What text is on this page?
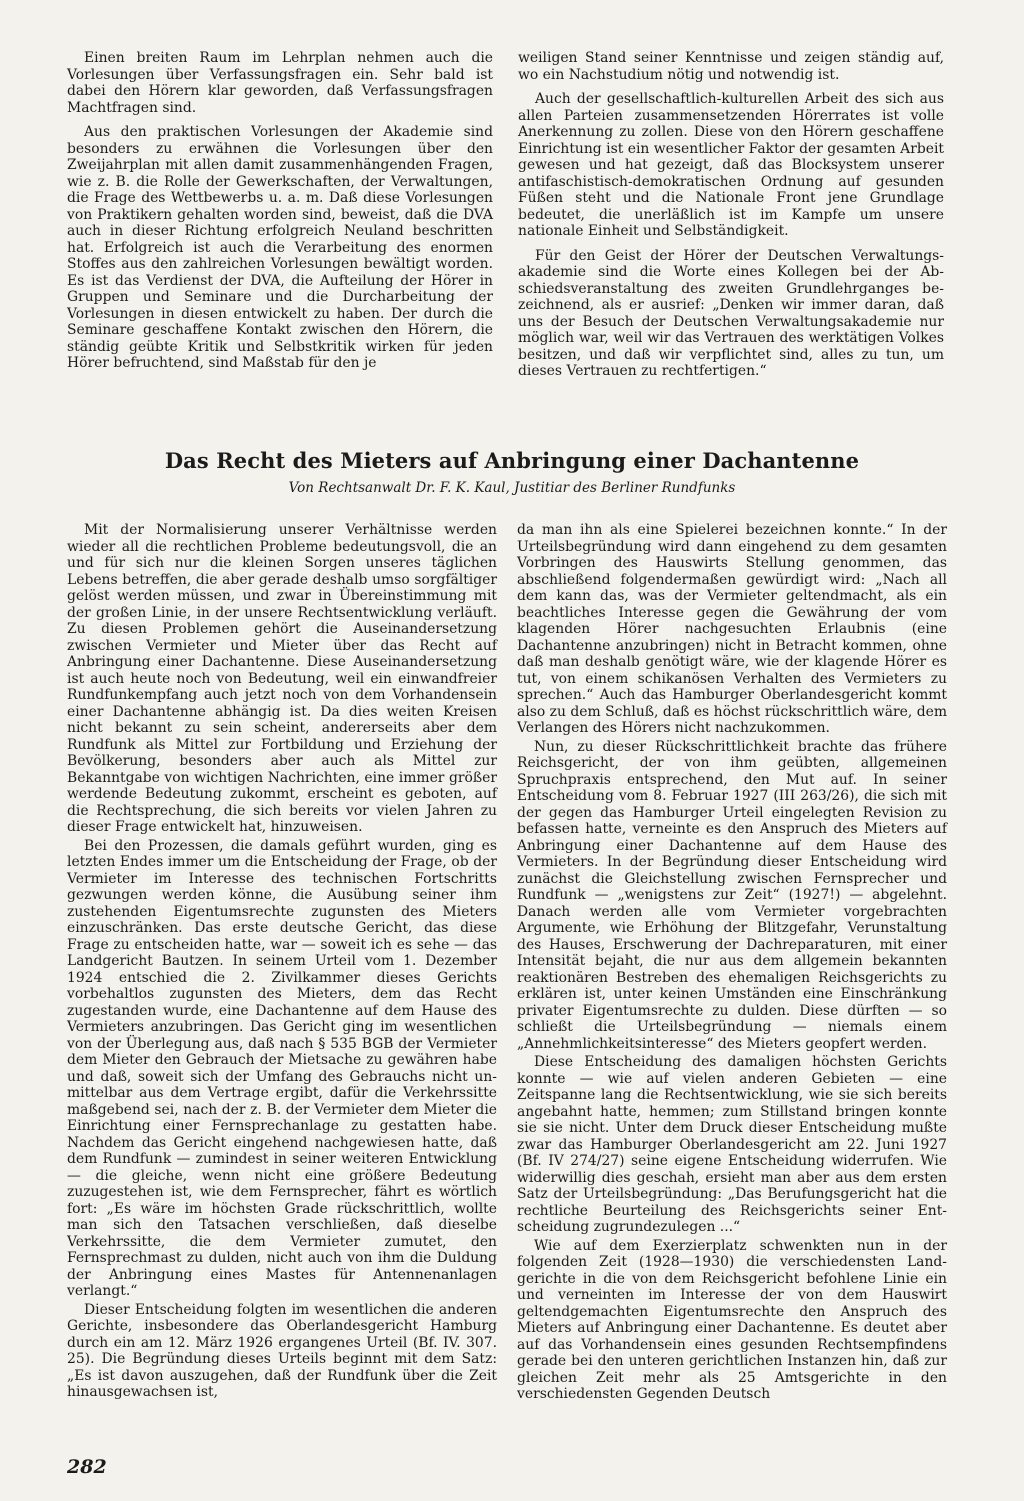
Einen breiten Raum im Lehrplan nehmen auch die Vorlesungen über Verfassungsfragen ein. Sehr bald ist dabei den Hörern klar geworden, daß Verfassungsfragen Machtfragen sind.

Aus den praktischen Vorlesungen der Akademie sind besonders zu erwähnen die Vorlesungen über den Zweijahrplan mit allen damit zusammenhängenden Fragen, wie z. B. die Rolle der Gewerkschaften, der Verwaltungen, die Frage des Wettbewerbs u. a. m. Daß diese Vorlesungen von Praktikern gehalten worden sind, beweist, daß die DVA auch in dieser Richtung erfolgreich Neuland beschritten hat. Erfolgreich ist auch die Verarbeitung des enormen Stoffes aus den zahlreichen Vorlesungen bewältigt worden. Es ist das Verdienst der DVA, die Aufteilung der Hörer in Gruppen und Seminare und die Durcharbeitung der Vorlesungen in diesen entwickelt zu haben. Der durch die Seminare geschaffene Kontakt zwischen den Hörern, die ständig geübte Kritik und Selbstkritik wirken für jeden Hörer befruchtend, sind Maßstab für den je

weiligen Stand seiner Kenntnisse und zeigen ständig auf, wo ein Nachstudium nötig und notwendig ist.

Auch der gesellschaftlich-kulturellen Arbeit des sich aus allen Parteien zusammensetzenden Hörerrates ist volle Anerkennung zu zollen. Diese von den Hörern geschaffene Einrichtung ist ein wesentlicher Faktor der gesamten Arbeit gewesen und hat gezeigt, daß das Blocksystem unserer antifaschistisch-demokratischen Ordnung auf gesunden Füßen steht und die Nationale Front jene Grundlage bedeutet, die unerläßlich ist im Kampfe um unsere nationale Einheit und Selbständigkeit.

Für den Geist der Hörer der Deutschen Verwaltungsakademie sind die Worte eines Kollegen bei der Abschiedsveranstaltung des zweiten Grundlehrganges bezeichnend, als er ausrief: „Denken wir immer daran, daß uns der Besuch der Deutschen Verwaltungsakademie nur möglich war, weil wir das Vertrauen des werktätigen Volkes besitzen, und daß wir verpflichtet sind, alles zu tun, um dieses Vertrauen zu rechtfertigen.“

Das Recht des Mieters auf Anbringung einer Dachantenne
Von Rechtsanwalt Dr. F. K. Kaul, Justitiar des Berliner Rundfunks

Mit der Normalisierung unserer Verhältnisse werden wieder all die rechtlichen Probleme bedeutungsvoll, die an und für sich nur die kleinen Sorgen unseres täglichen Lebens betreffen, die aber gerade deshalb umso sorgfältiger gelöst werden müssen, und zwar in Übereinstimmung mit der großen Linie, in der unsere Rechtsentwicklung verläuft. Zu diesen Problemen gehört die Auseinandersetzung zwischen Vermieter und Mieter über das Recht auf Anbringung einer Dachantenne. Diese Auseinandersetzung ist auch heute noch von Bedeutung, weil ein einwandfreier Rundfunkempfang auch jetzt noch von dem Vorhandensein einer Dachantenne abhängig ist. Da dies weiten Kreisen nicht bekannt zu sein scheint, andererseits aber dem Rundfunk als Mittel zur Fortbildung und Erziehung der Bevölkerung, besonders aber auch als Mittel zur Bekanntgabe von wichtigen Nachrichten, eine immer größer werdende Bedeutung zukommt, erscheint es geboten, auf die Rechtsprechung, die sich bereits vor vielen Jahren zu dieser Frage entwickelt hat, hinzuweisen.

Bei den Prozessen, die damals geführt wurden, ging es letzten Endes immer um die Entscheidung der Frage, ob der Vermieter im Interesse des technischen Fortschritts gezwungen werden könne, die Ausübung seiner ihm zustehenden Eigentumsrechte zugunsten des Mieters einzuschränken. Das erste deutsche Gericht, das diese Frage zu entscheiden hatte, war — soweit ich es sehe — das Landgericht Bautzen. In seinem Urteil vom 1. Dezember 1924 entschied die 2. Zivilkammer dieses Gerichts vorbehaltlos zugunsten des Mieters, dem das Recht zugestanden wurde, eine Dachantenne auf dem Hause des Vermieters anzubringen. Das Gericht ging im wesentlichen von der Überlegung aus, daß nach § 535 BGB der Vermieter dem Mieter den Gebrauch der Mietsache zu gewähren habe und daß, soweit sich der Umfang des Gebrauchs nicht unmittelbar aus dem Vertrage ergibt, dafür die Verkehrssitte maßgebend sei, nach der z. B. der Vermieter dem Mieter die Einrichtung einer Fernsprechanlage zu gestatten habe. Nachdem das Gericht eingehend nachgewiesen hatte, daß dem Rundfunk — zumindest in seiner weiteren Entwicklung — die gleiche, wenn nicht eine größere Bedeutung zuzugestehen ist, wie dem Fernsprecher, fährt es wörtlich fort: „Es wäre im höchsten Grade rückschrittlich, wollte man sich den Tatsachen verschließen, daß dieselbe Verkehrssitte, die dem Vermieter zumutet, den Fernsprechmast zu dulden, nicht auch von ihm die Duldung der Anbringung eines Mastes für Antennenanlagen verlangt.“

Dieser Entscheidung folgten im wesentlichen die anderen Gerichte, insbesondere das Oberlandesgericht Hamburg durch ein am 12. März 1926 ergangenes Urteil (Bf. IV. 307. 25). Die Begründung dieses Urteils beginnt mit dem Satz: „Es ist davon auszugehen, daß der Rundfunk über die Zeit hinausgewachsen ist,

da man ihn als eine Spielerei bezeichnen konnte.“ In der Urteilsbegründung wird dann eingehend zu dem gesamten Vorbringen des Hauswirts Stellung genommen, das abschließend folgendermaßen gewürdigt wird: „Nach all dem kann das, was der Vermieter geltendmacht, als ein beachtliches Interesse gegen die Gewährung der vom klagenden Hörer nachgesuchten Erlaubnis (eine Dachantenne anzubringen) nicht in Betracht kommen, ohne daß man deshalb genötigt wäre, wie der klagende Hörer es tut, von einem schikanösen Verhalten des Vermieters zu sprechen.“ Auch das Hamburger Oberlandesgericht kommt also zu dem Schluß, daß es höchst rückschrittlich wäre, dem Verlangen des Hörers nicht nachzukommen.

Nun, zu dieser Rückschrittlichkeit brachte das frühere Reichsgericht, der von ihm geübten, allgemeinen Spruchpraxis entsprechend, den Mut auf. In seiner Entscheidung vom 8. Februar 1927 (III 263/26), die sich mit der gegen das Hamburger Urteil eingelegten Revision zu befassen hatte, verneinte es den Anspruch des Mieters auf Anbringung einer Dachantenne auf dem Hause des Vermieters. In der Begründung dieser Entscheidung wird zunächst die Gleichstellung zwischen Fernsprecher und Rundfunk — „wenigstens zur Zeit“ (1927!) — abgelehnt. Danach werden alle vom Vermieter vorgebrachten Argumente, wie Erhöhung der Blitzgefahr, Verunstaltung des Hauses, Erschwerung der Dachreparaturen, mit einer Intensität bejaht, die nur aus dem allgemein bekannten reaktionären Bestreben des ehemaligen Reichsgerichts zu erklären ist, unter keinen Umständen eine Einschränkung privater Eigentumsrechte zu dulden. Diese dürften — so schließt die Urteilsbegründung — niemals einem „Annehmlichkeitsinteresse“ des Mieters geopfert werden.

Diese Entscheidung des damaligen höchsten Gerichts konnte — wie auf vielen anderen Gebieten — eine Zeitspanne lang die Rechtsentwicklung, wie sie sich bereits angebahnt hatte, hemmen; zum Stillstand bringen konnte sie sie nicht. Unter dem Druck dieser Entscheidung mußte zwar das Hamburger Oberlandesgericht am 22. Juni 1927 (Bf. IV 274/27) seine eigene Entscheidung widerrufen. Wie widerwillig dies geschah, ersieht man aber aus dem ersten Satz der Urteilsbegründung: „Das Berufungsgericht hat die rechtliche Beurteilung des Reichsgerichts seiner Entscheidung zugrundezulegen ...“

Wie auf dem Exerzierplatz schwenkten nun in der folgenden Zeit (1928—1930) die verschiedensten Landgerichte in die von dem Reichsgericht befohlene Linie ein und verneinten im Interesse der von dem Hauswirt geltendgemachten Eigentumsrechte den Anspruch des Mieters auf Anbringung einer Dachantenne. Es deutet aber auf das Vorhandensein eines gesunden Rechtsempfindens gerade bei den unteren gerichtlichen Instanzen hin, daß zur gleichen Zeit mehr als 25 Amtsgerichte in den verschiedensten Gegenden Deutsch

282
